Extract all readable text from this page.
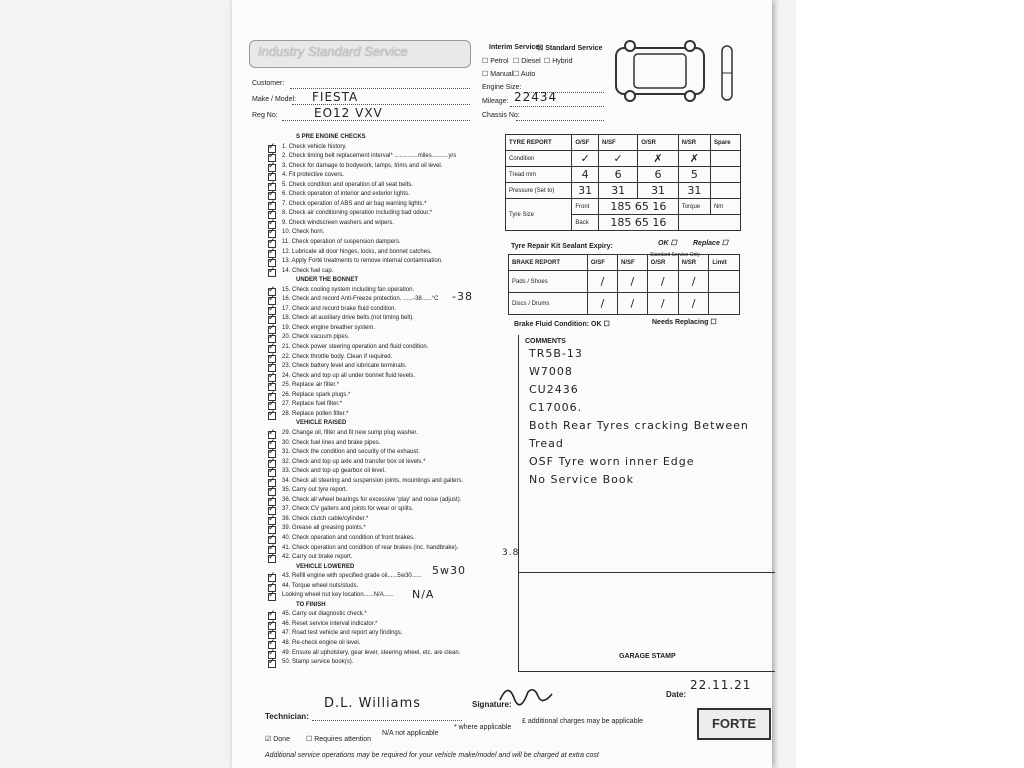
Industry Standard Service	Interim Service
☒ Standard Service
☐ Petrol ☐ Diesel ☐ Hybrid
☐ Manual ☐ Auto
Customer:
Make / Model: FIESTA
Reg No:	EO12 VXV
Engine Size:
Mileage: 22434
Chassis No:
S PRE ENGINE CHECKS
✓ 1. Check vehicle history.
✓ 2. Check timing belt replacement interval* ..............miles..........yrs
✓ 3. Check for damage to bodywork, lamps, trims and oil level.
✓ 4. Fit protective covers.
✓ 5. Check condition and operation of all seat belts.
✓ 6. Check operation of interior and exterior lights.
✓ 7. Check operation of ABS and air bag warning lights.*
✓ 8. Check air conditioning operation including bad odour.*
✓ 9. Check windscreen washers and wipers.
✓ 10. Check horn.
✓ 11. Check operation of suspension dampers.
✓ 12. Lubricate all door hinges, locks, and bonnet catches.
✓ 13. Apply Forté treatments to remove internal contamination.
✓ 14. Check fuel cap.
UNDER THE BONNET
✓ 15. Check cooling system including fan operation.
✓ 16. Check and record Anti-Freeze protection. ......-38......°C
✓ 17. Check and record brake fluid condition.
✓ 18. Check all auxiliary drive belts (not timing belt).
✓ 19. Check engine breather system.
✓ 20. Check vacuum pipes.
✓ 21. Check power steering operation and fluid condition.
✓ 22. Check throttle body. Clean if required.
✓ 23. Check battery level and lubricate terminals.
✓ 24. Check and top up all under bonnet fluid levels.
✓ 25. Replace air filter.*
✓ 26. Replace spark plugs.*
✓ 27. Replace fuel filter.*
✓ 28. Replace pollen filter.*
VEHICLE RAISED
✓ 29. Change oil, filter and fit new sump plug washer.
✓ 30. Check fuel lines and brake pipes.
✓ 31. Check the condition and security of the exhaust.
✓ 32. Check and top up axle and transfer box oil levels.*
✓ 33. Check and top up gearbox oil level.
✓ 34. Check all steering and suspension joints, mountings and gaiters.
✓ 35. Carry out tyre report.
✓ 36. Check all wheel bearings for excessive 'play' and noise (adjust).
✓ 37. Check CV gaiters and joints for wear or splits.
✓ 38. Check clutch cable/cylinder.*
✓ 39. Grease all greasing points.*
✓ 40. Check operation and condition of front brakes.
✓ 41. Check operation and condition of rear brakes (inc. handbrake).
✓ 42. Carry out brake report.
VEHICLE LOWERED
✓ 43. Refill engine with specified grade oil......5w30......
✓ 44. Torque wheel nuts/studs.
✓ Looking wheel nut key location......N/A......
TO FINISH
✓ 45. Carry out diagnostic check.*
✓ 46. Reset service interval indicator.*
✓ 47. Road test vehicle and report any findings.
✓ 48. Re-check engine oil level.
✓ 49. Ensure all upholstery, gear lever, steering wheel, etc. are clean.
✓ 50. Stamp service book(s).
-38
3.8
5w30
N/A
TYRE REPORT	O/SF	N/SF	O/SR	N/SR	Spare
Condition	✓	✓	✗	✗	
Tread mm	4	6	6	5	
Pressure (Set to)	31	31	31	31	
Tyre Size	Front	185 65 16		Torque	Nm
	Back	185 65 16			
Tyre Repair Kit Sealant Expiry:	OK ☐ Replace ☐
BRAKE REPORT	O/SF	N/SF	O/SR	N/SR	Limit
Pads / Shoes	/	/	/	/	
Discs / Drums	/	/	/	/	
Standard Service Only
Brake Fluid Condition: OK ☐	Needs Replacing ☐
COMMENTS
TR5B-13
W7008
CU2436
C17006.
Both Rear Tyres cracking Between
Tread
OSF Tyre worn inner Edge
No Service Book
GARAGE STAMP
Technician:
D.L. Williams	Signature:
Date:
22.11.21
☑ Done ☐ Requires attention
N/A not applicable
* where applicable
£ additional charges may be applicable
Additional service operations may be required for your vehicle make/model and will be charged at extra cost
FORTE
